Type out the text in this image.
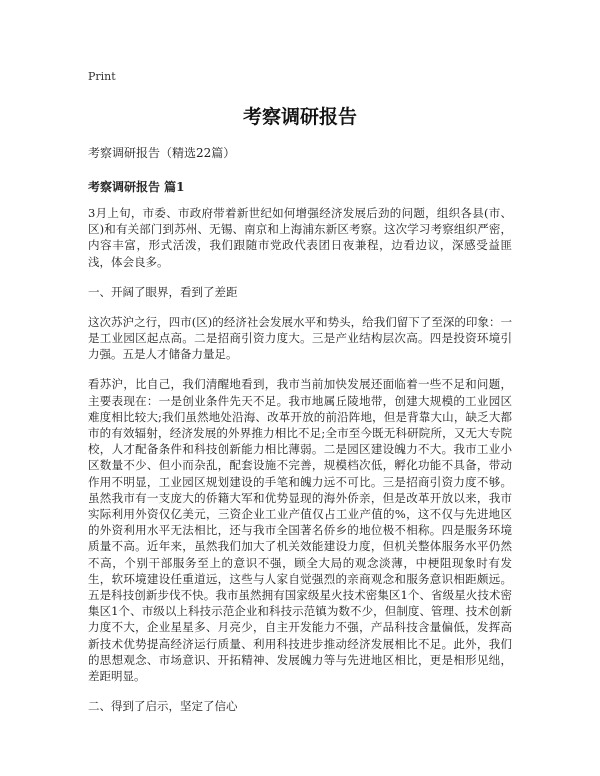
Print
考察调研报告
考察调研报告（精选22篇）
考察调研报告 篇1

3月上旬，市委、市政府带着新世纪如何增强经济发展后劲的问题，组织各县(市、区)和有关部门到苏州、无锡、南京和上海浦东新区考察。这次学习考察组织严密，内容丰富，形式活泼，我们跟随市党政代表团日夜兼程，边看边议，深感受益匪浅，体会良多。

一、开阔了眼界，看到了差距

这次苏沪之行，四市(区)的经济社会发展水平和势头，给我们留下了至深的印象：一是工业园区起点高。二是招商引资力度大。三是产业结构层次高。四是投资环境引力强。五是人才储备力量足。

看苏沪，比自己，我们清醒地看到，我市当前加快发展还面临着一些不足和问题，主要表现在：一是创业条件先天不足。我市地属丘陵地带，创建大规模的工业园区难度相比较大;我们虽然地处沿海、改革开放的前沿阵地，但是背靠大山，缺乏大都市的有效辐射，经济发展的外界推力相比不足;全市至今既无科研院所，又无大专院校，人才配备条件和科技创新能力相比薄弱。二是园区建设魄力不大。我市工业小区数量不少、但小而杂乱，配套设施不完善，规模档次低，孵化功能不具备，带动作用不明显，工业园区规划建设的手笔和魄力远不可比。三是招商引资力度不够。虽然我市有一支庞大的侨籍大军和优势显现的海外侨亲，但是改革开放以来，我市实际利用外资仅亿美元，三资企业工业产值仅占工业产值的%，这不仅与先进地区的外资利用水平无法相比，还与我市全国著名侨乡的地位极不相称。四是服务环境质量不高。近年来，虽然我们加大了机关效能建设力度，但机关整体服务水平仍然不高，个别干部服务至上的意识不强，顾全大局的观念淡薄，中梗阻现象时有发生，软环境建设任重道远，这些与人家自觉强烈的亲商观念和服务意识相距颇远。五是科技创新步伐不快。我市虽然拥有国家级星火技术密集区1个、省级星火技术密集区1个、市级以上科技示范企业和科技示范镇为数不少，但制度、管理、技术创新力度不大，企业星星多、月亮少，自主开发能力不强，产品科技含量偏低，发挥高新技术优势提高经济运行质量、利用科技进步推动经济发展相比不足。此外，我们的思想观念、市场意识、开拓精神、发展魄力等与先进地区相比，更是相形见绌，差距明显。

二、得到了启示，坚定了信心
